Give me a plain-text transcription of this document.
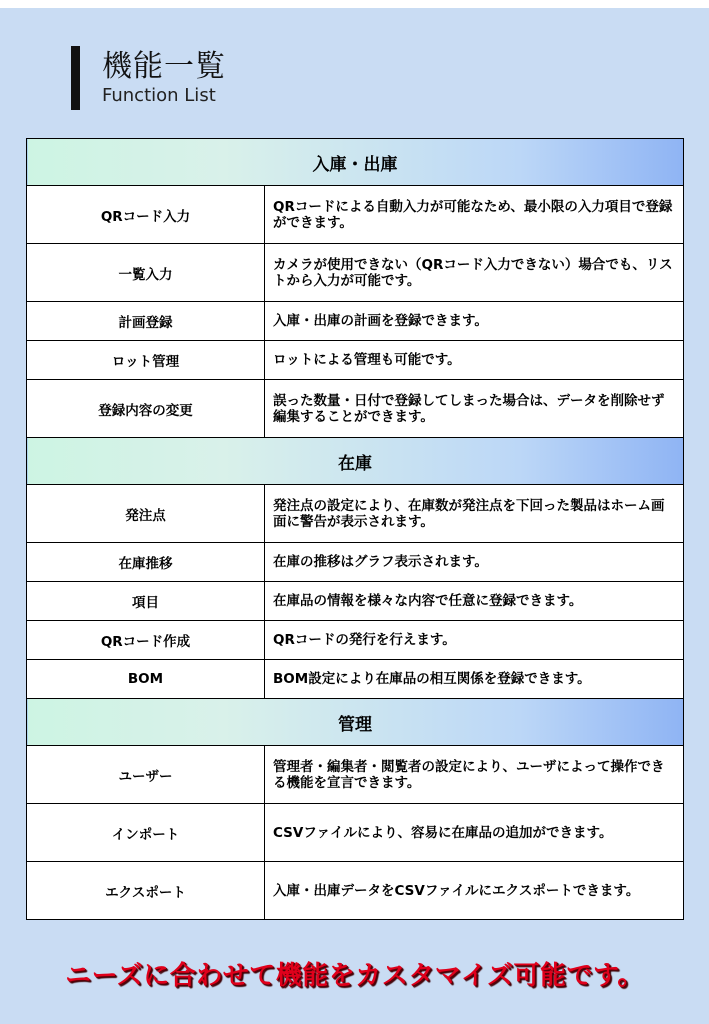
機能一覧
Function List
入庫・出庫	
QRコード入力	QRコードによる自動入力が可能なため、最小限の入力項目で登録ができます。
一覧入力	カメラが使用できない（QRコード入力できない）場合でも、リストから入力が可能です。
計画登録	入庫・出庫の計画を登録できます。
ロット管理	ロットによる管理も可能です。
登録内容の変更	誤った数量・日付で登録してしまった場合は、データを削除せず編集することができます。
在庫	
発注点	発注点の設定により、在庫数が発注点を下回った製品はホーム画面に警告が表示されます。
在庫推移	在庫の推移はグラフ表示されます。
項目	在庫品の情報を様々な内容で任意に登録できます。
QRコード作成	QRコードの発行を行えます。
BOM	BOM設定により在庫品の相互関係を登録できます。
管理	
ユーザー	管理者・編集者・閲覧者の設定により、ユーザによって操作できる機能を宣言できます。
インポート	CSVファイルにより、容易に在庫品の追加ができます。
エクスポート	入庫・出庫データをCSVファイルにエクスポートできます。
ニーズに合わせて機能をカスタマイズ可能です。
